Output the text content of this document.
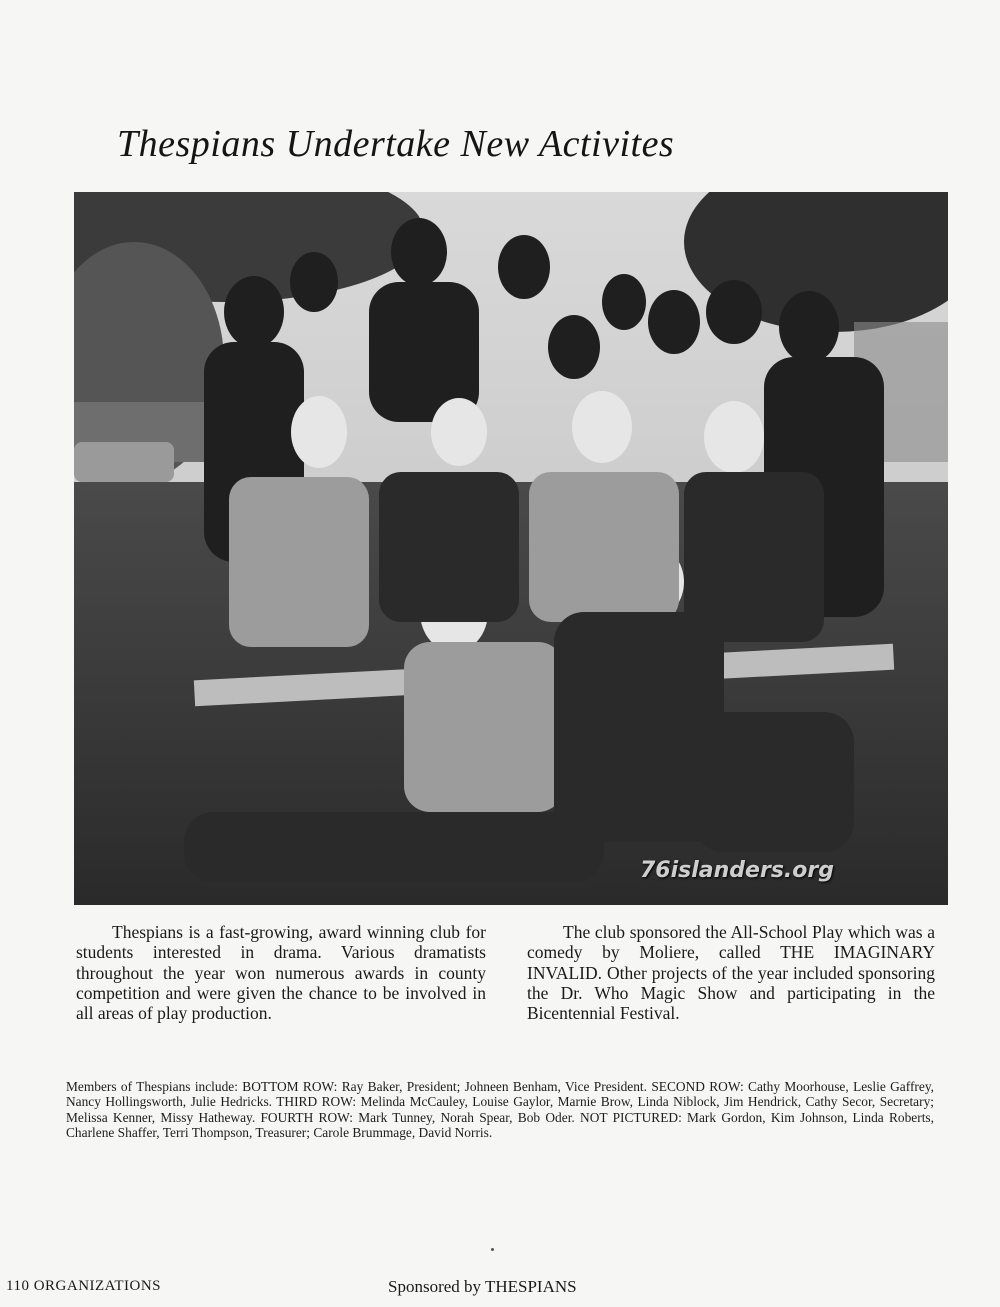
Thespians Undertake New Activites
76islanders.org
Thespians is a fast-growing, award winning club for students interested in drama. Various dramatists throughout the year won numerous awards in county competition and were given the chance to be involved in all areas of play production.
The club sponsored the All-School Play which was a comedy by Moliere, called THE IMAGINARY INVALID. Other projects of the year included sponsoring the Dr. Who Magic Show and participating in the Bicentennial Festival.
Members of Thespians include: BOTTOM ROW: Ray Baker, President; Johneen Benham, Vice President. SECOND ROW: Cathy Moorhouse, Leslie Gaffrey, Nancy Hollingsworth, Julie Hedricks. THIRD ROW: Melinda McCauley, Louise Gaylor, Marnie Brow, Linda Niblock, Jim Hendrick, Cathy Secor, Secretary; Melissa Kenner, Missy Hatheway. FOURTH ROW: Mark Tunney, Norah Spear, Bob Oder. NOT PICTURED: Mark Gordon, Kim Johnson, Linda Roberts, Charlene Shaffer, Terri Thompson, Treasurer; Carole Brummage, David Norris.
110 ORGANIZATIONS	Sponsored by THESPIANS
